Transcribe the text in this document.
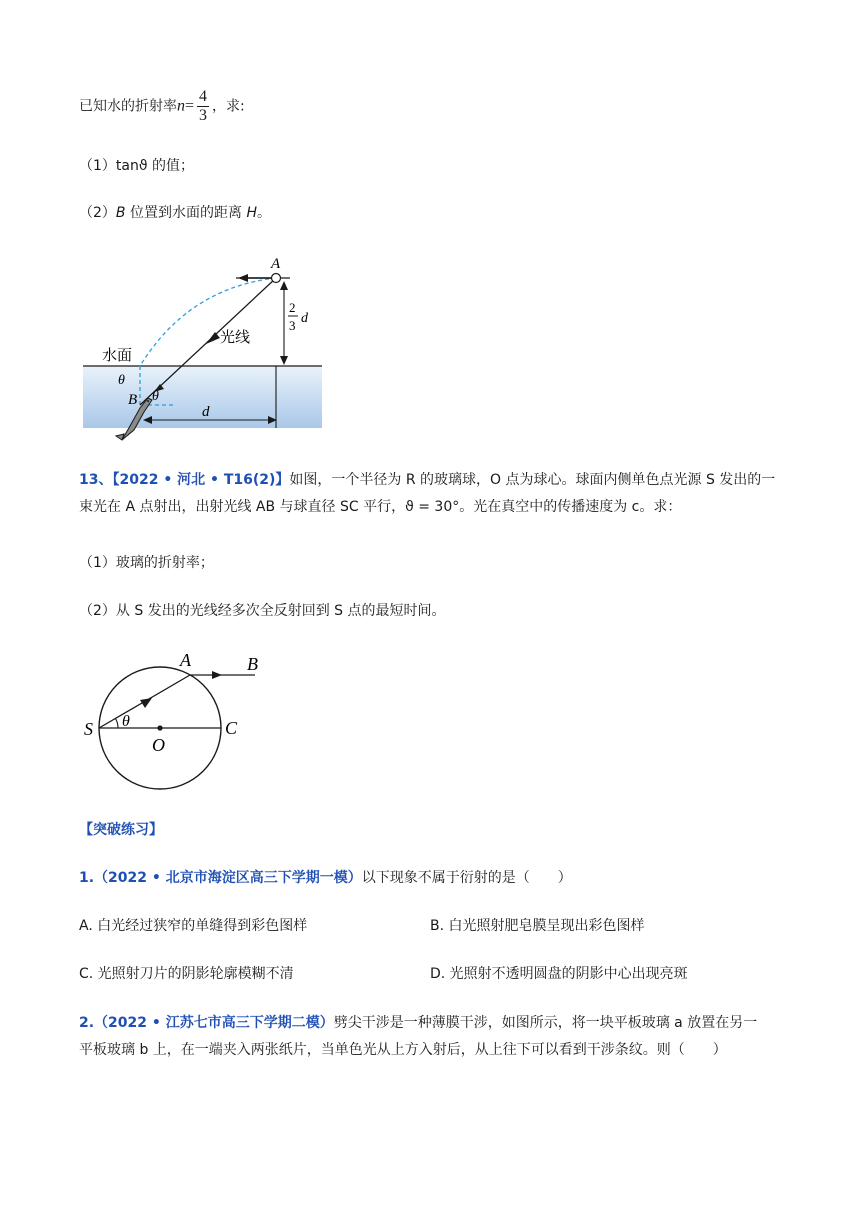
已知水的折射率$n= \frac{4}{3}$ ，求:
（1）tanϑ 的值；
（2）B 位置到水面的距离 H。
A
B
θ
θ
光线
水面
d
2
3 d
13、【2022 • 河北 • T16(2)】如图，一个半径为 R 的玻璃球，O 点为球心。球面内侧单色点光源 S 发出的一
束光在 A 点射出，出射光线 AB 与球直径 SC 平行，ϑ = 30°。光在真空中的传播速度为 c。求：
（1）玻璃的折射率；
（2）从 S 发出的光线经多次全反射回到 S 点的最短时间。
A	B
S
O
C
θ
【突破练习】
1.（2022 • 北京市海淀区高三下学期一模）以下现象不属于衍射的是（　　）
A. 白光经过狭窄的单缝得到彩色图样	B. 白光照射肥皂膜呈现出彩色图样
C. 光照射刀片的阴影轮廓模糊不清	D. 光照射不透明圆盘的阴影中心出现亮斑
2.（2022 • 江苏七市高三下学期二模）劈尖干涉是一种薄膜干涉，如图所示，将一块平板玻璃 a 放置在另一
平板玻璃 b 上，在一端夹入两张纸片，当单色光从上方入射后，从上往下可以看到干涉条纹。则（　　）
